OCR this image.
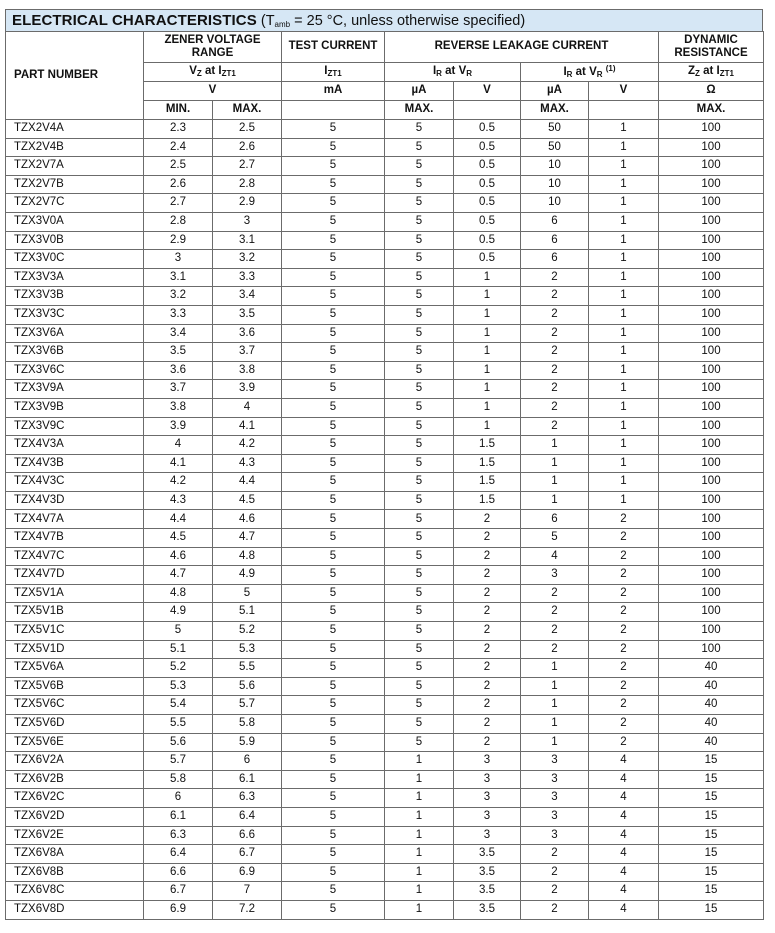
ELECTRICAL CHARACTERISTICS
($T_{amb} = 25$ °C, unless otherwise specified)
PART NUMBER	ZENER VOLTAGE RANGE		TEST CURRENT	REVERSE LEAKAGE CURRENT				DYNAMIC RESISTANCE
	$V_Z$ at $I_{ZT1}$		$I_{ZT1}$	$I_R$ at $V_R$		$I_R$ at $V_R$ $^{(1)}$		$Z_Z$ at $I_{ZT1}$
	V		mA	µA	V	µA	V	Ω
	MIN.	MAX.		MAX.		MAX.		MAX.
TZX2V4A	2.3	2.5	5	5	0.5	50	1	100
TZX2V4B	2.4	2.6	5	5	0.5	50	1	100
TZX2V7A	2.5	2.7	5	5	0.5	10	1	100
TZX2V7B	2.6	2.8	5	5	0.5	10	1	100
TZX2V7C	2.7	2.9	5	5	0.5	10	1	100
TZX3V0A	2.8	3	5	5	0.5	6	1	100
TZX3V0B	2.9	3.1	5	5	0.5	6	1	100
TZX3V0C	3	3.2	5	5	0.5	6	1	100
TZX3V3A	3.1	3.3	5	5	1	2	1	100
TZX3V3B	3.2	3.4	5	5	1	2	1	100
TZX3V3C	3.3	3.5	5	5	1	2	1	100
TZX3V6A	3.4	3.6	5	5	1	2	1	100
TZX3V6B	3.5	3.7	5	5	1	2	1	100
TZX3V6C	3.6	3.8	5	5	1	2	1	100
TZX3V9A	3.7	3.9	5	5	1	2	1	100
TZX3V9B	3.8	4	5	5	1	2	1	100
TZX3V9C	3.9	4.1	5	5	1	2	1	100
TZX4V3A	4	4.2	5	5	1.5	1	1	100
TZX4V3B	4.1	4.3	5	5	1.5	1	1	100
TZX4V3C	4.2	4.4	5	5	1.5	1	1	100
TZX4V3D	4.3	4.5	5	5	1.5	1	1	100
TZX4V7A	4.4	4.6	5	5	2	6	2	100
TZX4V7B	4.5	4.7	5	5	2	5	2	100
TZX4V7C	4.6	4.8	5	5	2	4	2	100
TZX4V7D	4.7	4.9	5	5	2	3	2	100
TZX5V1A	4.8	5	5	5	2	2	2	100
TZX5V1B	4.9	5.1	5	5	2	2	2	100
TZX5V1C	5	5.2	5	5	2	2	2	100
TZX5V1D	5.1	5.3	5	5	2	2	2	100
TZX5V6A	5.2	5.5	5	5	2	1	2	40
TZX5V6B	5.3	5.6	5	5	2	1	2	40
TZX5V6C	5.4	5.7	5	5	2	1	2	40
TZX5V6D	5.5	5.8	5	5	2	1	2	40
TZX5V6E	5.6	5.9	5	5	2	1	2	40
TZX6V2A	5.7	6	5	1	3	3	4	15
TZX6V2B	5.8	6.1	5	1	3	3	4	15
TZX6V2C	6	6.3	5	1	3	3	4	15
TZX6V2D	6.1	6.4	5	1	3	3	4	15
TZX6V2E	6.3	6.6	5	1	3	3	4	15
TZX6V8A	6.4	6.7	5	1	3.5	2	4	15
TZX6V8B	6.6	6.9	5	1	3.5	2	4	15
TZX6V8C	6.7	7	5	1	3.5	2	4	15
TZX6V8D	6.9	7.2	5	1	3.5	2	4	15
